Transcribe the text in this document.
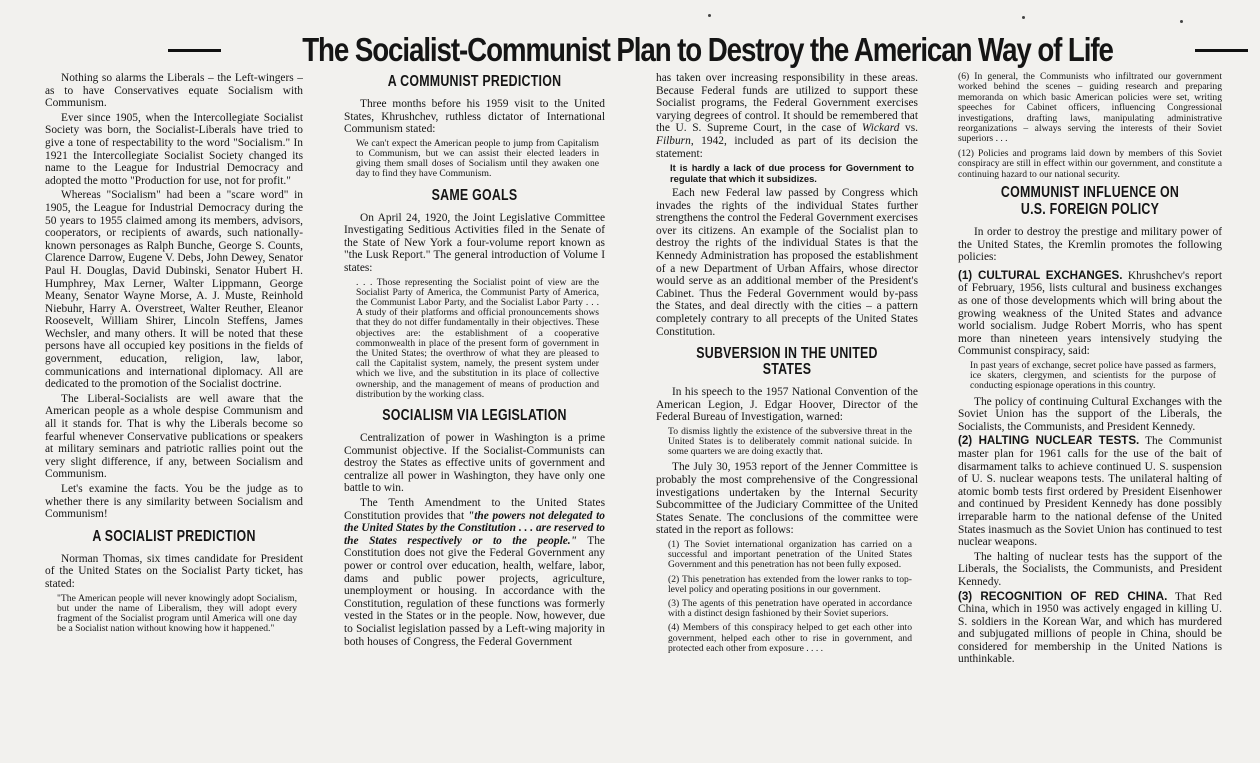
The Socialist-Communist Plan to Destroy the American Way of Life

Nothing so alarms the Liberals – the Left-wingers – as to have Conservatives equate Socialism with Communism.

Ever since 1905, when the Intercollegiate Socialist Society was born, the Socialist-Liberals have tried to give a tone of respectability to the word "Socialism." In 1921 the Intercollegiate Socialist Society changed its name to the League for Industrial Democracy and adopted the motto "Production for use, not for profit."

Whereas "Socialism" had been a "scare word" in 1905, the League for Industrial Democracy during the 50 years to 1955 claimed among its members, advisors, cooperators, or recipients of awards, such nationally-known personages as Ralph Bunche, George S. Counts, Clarence Darrow, Eugene V. Debs, John Dewey, Senator Paul H. Douglas, David Dubinski, Senator Hubert H. Humphrey, Max Lerner, Walter Lippmann, George Meany, Senator Wayne Morse, A. J. Muste, Reinhold Niebuhr, Harry A. Overstreet, Walter Reuther, Eleanor Roosevelt, William Shirer, Lincoln Steffens, James Wechsler, and many others. It will be noted that these persons have all occupied key positions in the fields of government, education, religion, law, labor, communications and international diplomacy. All are dedicated to the promotion of the Socialist doctrine.

The Liberal-Socialists are well aware that the American people as a whole despise Communism and all it stands for. That is why the Liberals become so fearful whenever Conservative publications or speakers at military seminars and patriotic rallies point out the very slight difference, if any, between Socialism and Communism.

Let's examine the facts. You be the judge as to whether there is any similarity between Socialism and Communism!

A SOCIALIST PREDICTION

Norman Thomas, six times candidate for President of the United States on the Socialist Party ticket, has stated:

"The American people will never knowingly adopt Socialism, but under the name of Liberalism, they will adopt every fragment of the Socialist program until America will one day be a Socialist nation without knowing how it happened."

A COMMUNIST PREDICTION

Three months before his 1959 visit to the United States, Khrushchev, ruthless dictator of International Communism stated:

We can't expect the American people to jump from Capitalism to Communism, but we can assist their elected leaders in giving them small doses of Socialism until they awaken one day to find they have Communism.

SAME GOALS

On April 24, 1920, the Joint Legislative Committee Investigating Seditious Activities filed in the Senate of the State of New York a four-volume report known as "the Lusk Report." The general introduction of Volume I states:

. . . Those representing the Socialist point of view are the Socialist Party of America, the Communist Party of America, the Communist Labor Party, and the Socialist Labor Party . . . A study of their platforms and official pronouncements shows that they do not differ fundamentally in their objectives. These objectives are: the establishment of a cooperative commonwealth in place of the present form of government in the United States; the overthrow of what they are pleased to call the Capitalist system, namely, the present system under which we live, and the substitution in its place of collective ownership, and the management of means of production and distribution by the working class.

SOCIALISM VIA LEGISLATION

Centralization of power in Washington is a prime Communist objective. If the Socialist-Communists can destroy the States as effective units of government and centralize all power in Washington, they have only one battle to win.

The Tenth Amendment to the United States Constitution provides that "the powers not delegated to the United States by the Constitution . . . are reserved to the States respectively or to the people." The Constitution does not give the Federal Government any power or control over education, health, welfare, labor, dams and public power projects, agriculture, unemployment or housing. In accordance with the Constitution, regulation of these functions was formerly vested in the States or in the people. Now, however, due to Socialist legislation passed by a Left-wing majority in both houses of Congress, the Federal Government

has taken over increasing responsibility in these areas. Because Federal funds are utilized to support these Socialist programs, the Federal Government exercises varying degrees of control. It should be remembered that the U. S. Supreme Court, in the case of Wickard vs. Filburn, 1942, included as part of its decision the statement:

It is hardly a lack of due process for Government to regulate that which it subsidizes.

Each new Federal law passed by Congress which invades the rights of the individual States further strengthens the control the Federal Government exercises over its citizens. An example of the Socialist plan to destroy the rights of the individual States is that the Kennedy Administration has proposed the establishment of a new Department of Urban Affairs, whose director would serve as an additional member of the President's Cabinet. Thus the Federal Government would by-pass the States, and deal directly with the cities – a pattern completely contrary to all precepts of the United States Constitution.

SUBVERSION IN THE UNITED STATES

In his speech to the 1957 National Convention of the American Legion, J. Edgar Hoover, Director of the Federal Bureau of Investigation, warned:

To dismiss lightly the existence of the subversive threat in the United States is to deliberately commit national suicide. In some quarters we are doing exactly that.

The July 30, 1953 report of the Jenner Committee is probably the most comprehensive of the Congressional investigations undertaken by the Internal Security Subcommittee of the Judiciary Committee of the United States Senate. The conclusions of the committee were stated in the report as follows:

(1) The Soviet international organization has carried on a successful and important penetration of the United States Government and this penetration has not been fully exposed.

(2) This penetration has extended from the lower ranks to top-level policy and operating positions in our government.

(3) The agents of this penetration have operated in accordance with a distinct design fashioned by their Soviet superiors.

(4) Members of this conspiracy helped to get each other into government, helped each other to rise in government, and protected each other from exposure . . . .

(6) In general, the Communists who infiltrated our government worked behind the scenes – guiding research and preparing memoranda on which basic American policies were set, writing speeches for Cabinet officers, influencing Congressional investigations, drafting laws, manipulating administrative reorganizations – always serving the interests of their Soviet superiors . . .

(12) Policies and programs laid down by members of this Soviet conspiracy are still in effect within our government, and constitute a continuing hazard to our national security.

COMMUNIST INFLUENCE ON
U.S. FOREIGN POLICY

In order to destroy the prestige and military power of the United States, the Kremlin promotes the following policies:

(1) CULTURAL EXCHANGES. Khrushchev's report of February, 1956, lists cultural and business exchanges as one of those developments which will bring about the growing weakness of the United States and advance world socialism. Judge Robert Morris, who has spent more than nineteen years intensively studying the Communist conspiracy, said:

In past years of exchange, secret police have passed as farmers, ice skaters, clergymen, and scientists for the purpose of conducting espionage operations in this country.

The policy of continuing Cultural Exchanges with the Soviet Union has the support of the Liberals, the Socialists, the Communists, and President Kennedy.

(2) HALTING NUCLEAR TESTS. The Communist master plan for 1961 calls for the use of the bait of disarmament talks to achieve continued U. S. suspension of U. S. nuclear weapons tests. The unilateral halting of atomic bomb tests first ordered by President Eisenhower and continued by President Kennedy has done possibly irreparable harm to the national defense of the United States inasmuch as the Soviet Union has continued to test nuclear weapons.

The halting of nuclear tests has the support of the Liberals, the Socialists, the Communists, and President Kennedy.

(3) RECOGNITION OF RED CHINA. That Red China, which in 1950 was actively engaged in killing U. S. soldiers in the Korean War, and which has murdered and subjugated millions of people in China, should be considered for membership in the United Nations is unthinkable.
